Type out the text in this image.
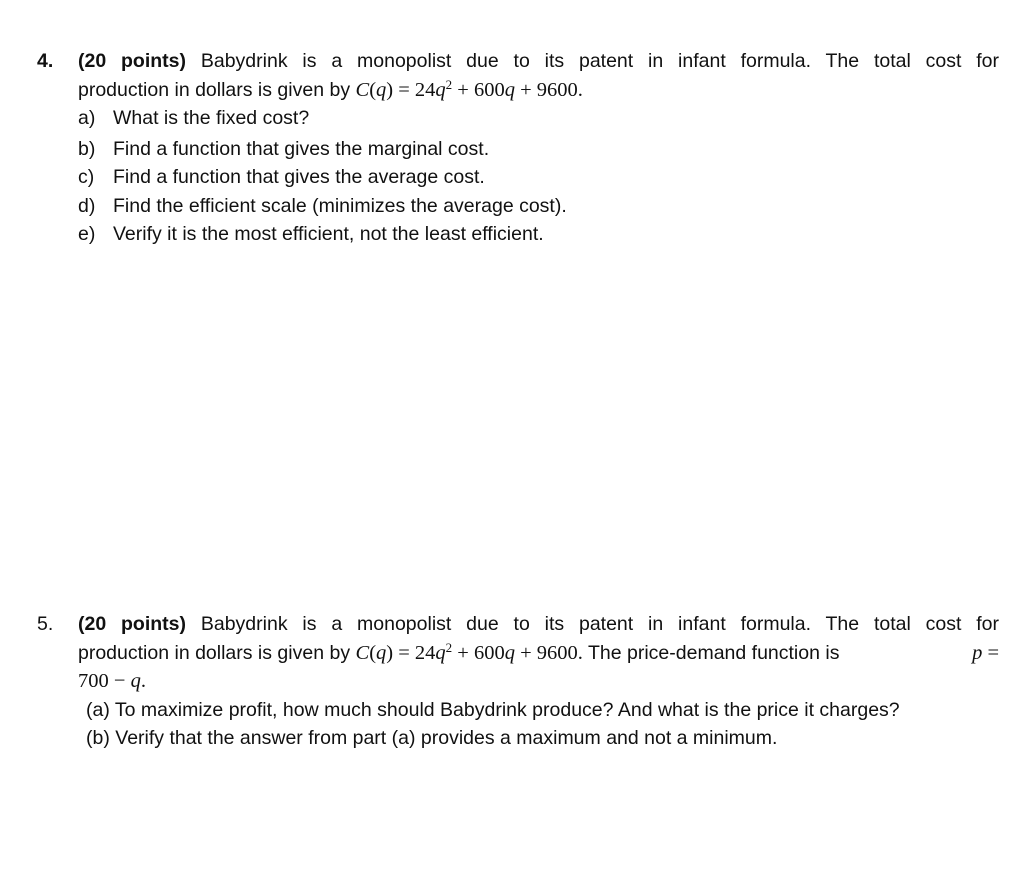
4. (20 points) Babydrink is a monopolist due to its patent in infant formula. The total cost for
production in dollars is given by $C(q) = 24q^2 + 600q + 9600$.
a) What is the fixed cost?
b) Find a function that gives the marginal cost.
c) Find a function that gives the average cost.
d) Find the efficient scale (minimizes the average cost).
e) Verify it is the most efficient, not the least efficient.
5. (20 points) Babydrink is a monopolist due to its patent in infant formula. The total cost for
production in dollars is given by $C(q) = 24q^2 + 600q + 9600$. The price-demand function is	p =
700 − q.
(a) To maximize profit, how much should Babydrink produce? And what is the price it charges?
(b) Verify that the answer from part (a) provides a maximum and not a minimum.
